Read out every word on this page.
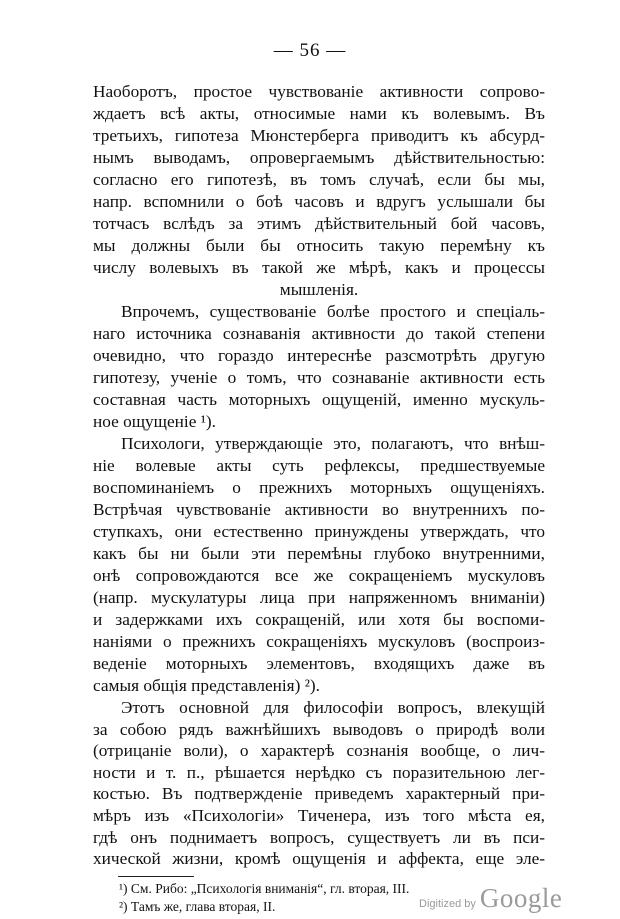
— 56 —
Наоборотъ, простое чувствованіе активности сопрово-
ждаетъ всѣ акты, относимые нами къ волевымъ. Въ
третьихъ, гипотеза Мюнстерберга приводитъ къ абсурд-
нымъ выводамъ, опровергаемымъ дѣйствительностью:
согласно его гипотезѣ, въ томъ случаѣ, если бы мы,
напр. вспомнили о боѣ часовъ и вдругъ услышали бы
тотчасъ вслѣдъ за этимъ дѣйствительный бой часовъ,
мы должны были бы относить такую перемѣну къ
числу волевыхъ въ такой же мѣрѣ, какъ и процессы
мышленія.
Впрочемъ, существованіе болѣе простого и спеціаль-
наго источника сознаванія активности до такой степени
очевидно, что гораздо интереснѣе разсмотрѣть другую
гипотезу, ученіе о томъ, что сознаваніе активности есть
составная часть моторныхъ ощущеній, именно мускуль-
ное ощущеніе ¹).
Психологи, утверждающіе это, полагаютъ, что внѣш-
ніе волевые акты суть рефлексы, предшествуемые
воспоминаніемъ о прежнихъ моторныхъ ощущеніяхъ.
Встрѣчая чувствованіе активности во внутреннихъ по-
ступкахъ, они естественно принуждены утверждать, что
какъ бы ни были эти перемѣны глубоко внутренними,
онѣ сопровождаются все же сокращеніемъ мускуловъ
(напр. мускулатуры лица при напряженномъ вниманіи)
и задержками ихъ сокращеній, или хотя бы воспоми-
наніями о прежнихъ сокращеніяхъ мускуловъ (воспроиз-
веденіе моторныхъ элементовъ, входящихъ даже въ
самыя общія представленія) ²).
Этотъ основной для философіи вопросъ, влекущій
за собою рядъ важнѣйшихъ выводовъ о природѣ воли
(отрицаніе воли), о характерѣ сознанія вообще, о лич-
ности и т. п., рѣшается нерѣдко съ поразительною лег-
костью. Въ подтвержденіе приведемъ характерный при-
мѣръ изъ «Психологіи» Тиченера, изъ того мѣста ея,
гдѣ онъ поднимаетъ вопросъ, существуетъ ли въ пси-
хической жизни, кромѣ ощущенія и аффекта, еще эле-
¹) См. Рибо: „Психологія вниманія“, гл. вторая, III.
²) Тамъ же, глава вторая, II.	Digitized by Google
